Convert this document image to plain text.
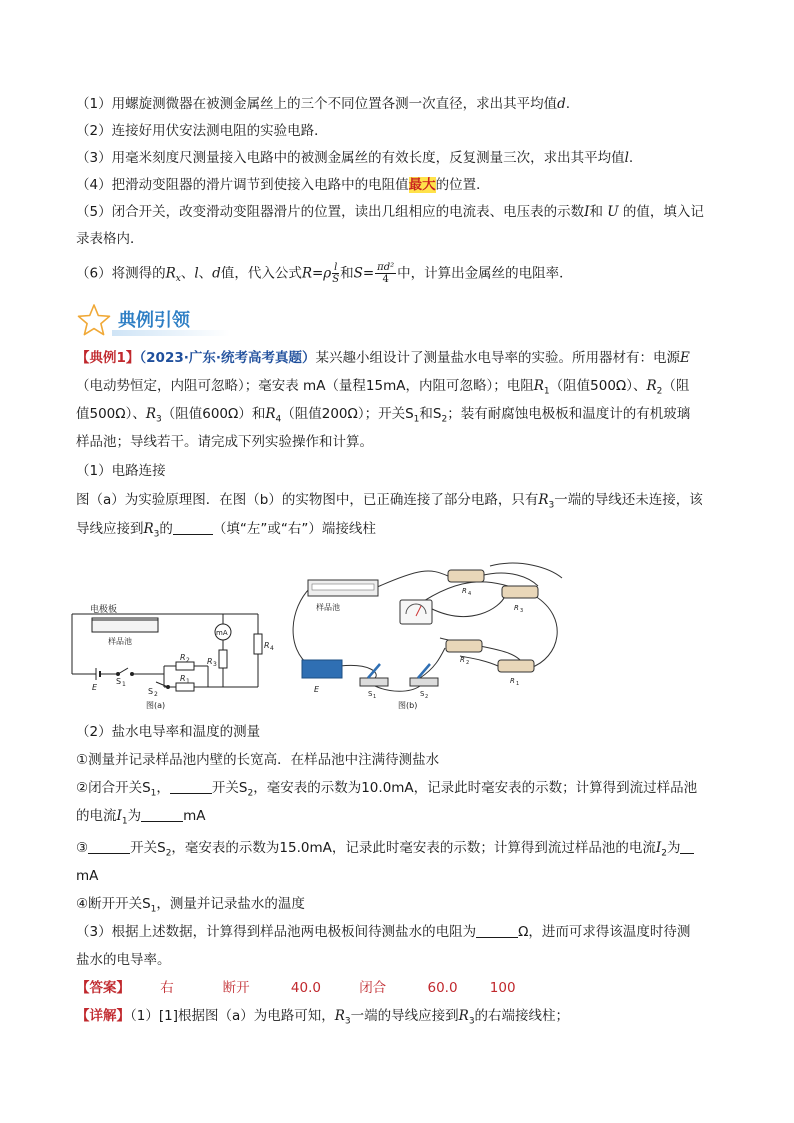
（1）用螺旋测微器在被测金属丝上的三个不同位置各测一次直径，求出其平均值d.
（2）连接好用伏安法测电阻的实验电路．
（3）用毫米刻度尺测量接入电路中的被测金属丝的有效长度，反复测量三次，求出其平均值l.
（4）把滑动变阻器的滑片调节到使接入电路中的电阻值最大的位置．
（5）闭合开关，改变滑动变阻器滑片的位置，读出几组相应的电流表、电压表的示数I和 U 的值，填入记
录表格内．
（6）将测得的$R_x$、l、d值，代入公式$R=\rho \frac{l}{S}$ 和$S= \frac{\text{πd²}}{4}$ 中，计算出金属丝的电阻率．
典例引领
【典例1】（2023·广东·统考高考真题）某兴趣小组设计了测量盐水电导率的实验。所用器材有：电源E
（电动势恒定，内阻可忽略）；毫安表 mA（量程15mA，内阻可忽略）；电阻$R_1$（阻值500Ω）、$R_2$（阻
值500Ω）、$R_3$（阻值600Ω）和$R_4$（阻值200Ω）；开关$S_1$和$S_2$；装有耐腐蚀电极板和温度计的有机玻璃
样品池；导线若干。请完成下列实验操作和计算。
（1）电路连接
图（a）为实验原理图．在图（b）的实物图中，已正确连接了部分电路，只有$R_3$一端的导线还未连接，该
导线应接到$R_3$的	（填“左”或“右”）端接线柱
电极板
样品池
mA
R 4
R 3
R 2
R 1
E
S 1
S 2
图(a)
样品池
E
R 4
R 3
R 2
R 1
S 1	S 2
图(b)
（2）盐水电导率和温度的测量
①测量并记录样品池内壁的长宽高．在样品池中注满待测盐水
②闭合开关$S_1$，	开关$S_2$，毫安表的示数为10.0mA，记录此时毫安表的示数；计算得到流过样品池
的电流$I_1$为	mA
③	开关$S_2$，毫安表的示数为15.0mA，记录此时毫安表的示数；计算得到流过样品池的电流$I_2$为
mA
④断开开关$S_1$，测量并记录盐水的温度
（3）根据上述数据，计算得到样品池两电极板间待测盐水的电阻为	Ω，进而可求得该温度时待测
盐水的电导率。
【答案】 右	断开	40.0	闭合	60.0 100
【详解】（1）[1]根据图（a）为电路可知，$R_3$一端的导线应接到$R_3$的右端接线柱；
